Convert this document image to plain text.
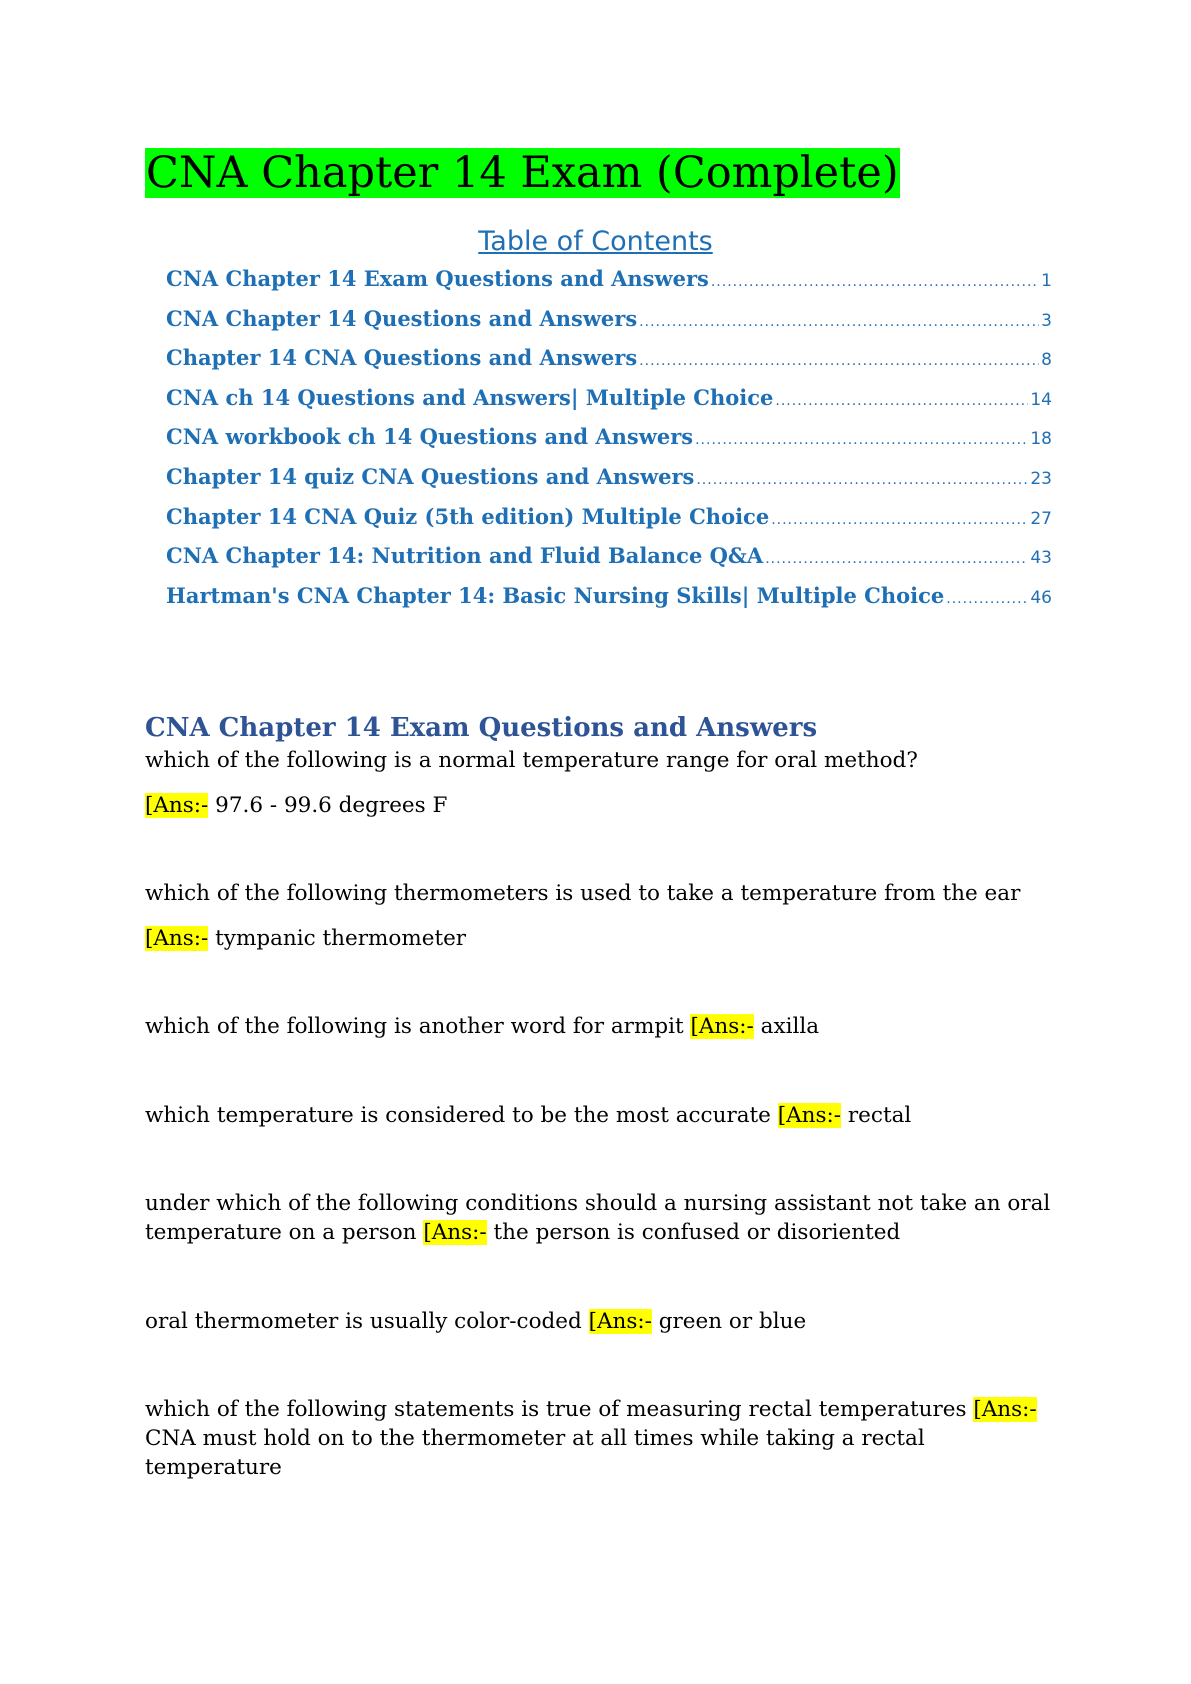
CNA Chapter 14 Exam (Complete)
Table of Contents
CNA Chapter 14 Exam Questions and Answers .....	1
CNA Chapter 14 Questions and Answers .....	3
Chapter 14 CNA Questions and Answers .....	8
CNA ch 14 Questions and Answers| Multiple Choice .....	14
CNA workbook ch 14 Questions and Answers .....	18
Chapter 14 quiz CNA Questions and Answers .....	23
Chapter 14 CNA Quiz (5th edition) Multiple Choice .....	27
CNA Chapter 14: Nutrition and Fluid Balance Q&A .....	43
Hartman's CNA Chapter 14: Basic Nursing Skills| Multiple Choice .....	46
CNA Chapter 14 Exam Questions and Answers

which of the following is a normal temperature range for oral method?

[Ans:- 97.6 - 99.6 degrees F

which of the following thermometers is used to take a temperature from the ear

[Ans:- tympanic thermometer

which of the following is another word for armpit [Ans:- axilla

which temperature is considered to be the most accurate [Ans:- rectal

under which of the following conditions should a nursing assistant not take an oral temperature on a person [Ans:- the person is confused or disoriented

oral thermometer is usually color-coded [Ans:- green or blue

which of the following statements is true of measuring rectal temperatures [Ans:- CNA must hold on to the thermometer at all times while taking a rectal temperature
